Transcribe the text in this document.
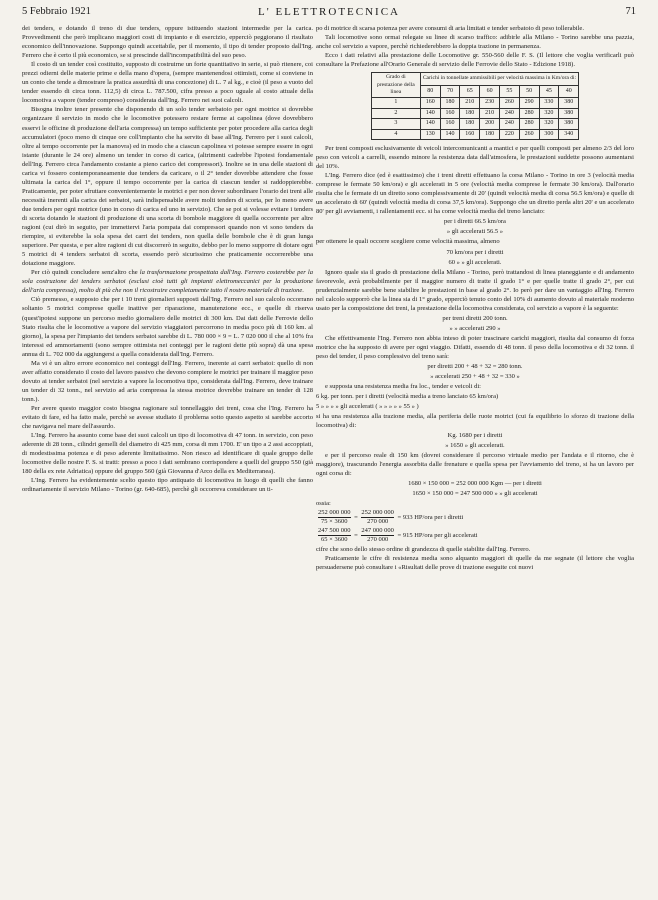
5 Febbraio 1921	L' ELETTROTECNICA	71

dei tenders, e dotando il treno di due tenders, oppure istituendo stazioni intermedie per la carica. Provvedimenti che però implicano maggiori costi di impianto e di esercizio, epperciò peggiorano il risultato economico dell'innovazione. Suppongo quindi accettabile, per il momento, il tipo di tender proposto dall'Ing. Ferrero che è certo il più economico, se si prescinde dall'incompatibilità del suo peso.

Il costo di un tender così costituito, supposto di costruirne un forte quantitativo in serie, si può ritenere, coi prezzi odierni delle materie prime e della mano d'opera, (sempre mantenendosi ottimisti, come si conviene in un conto che tende a dimostrare la pratica assurdità di una concezione) di L. 7 al kg., e cioè (il peso a vuoto del tender essendo di circa tonn. 112,5) di circa L. 787.500, cifra presso a poco uguale al costo attuale della locomotiva a vapore (tender compreso) considerata dall'Ing. Ferrero nei suoi calcoli.

Bisogna inoltre tener presente che disponendo di un solo tender serbatoio per ogni motrice si dovrebbe organizzare il servizio in modo che le locomotive potessero restare ferme ai capolinea (dove dovrebbero esservi le officine di produzione dell'aria compressa) un tempo sufficiente per poter procedere alla carica degli accumulatori (poco meno di cinque ore coll'impianto che ha servito di base all'Ing. Ferrero per i suoi calcoli, oltre al tempo occorrente per la manovra) ed in modo che a ciascun capolinea vi potesse sempre essere in ogni istante (durante le 24 ore) almeno un tender in corso di carica, (altrimenti cadrebbe l'ipotesi fondamentale dell'Ing. Ferrero circa l'andamento costante a pieno carico dei compressori). Inoltre se in una delle stazioni di carica vi fossero contemporaneamente due tenders da caricare, o il 2° tender dovrebbe attendere che fosse ultimata la carica del 1°, oppure il tempo occorrente per la carica di ciascun tender si raddoppierebbe. Praticamente, per poter sfruttare convenientemente le motrici e per non dover subordinare l'orario dei treni alle necessità inerenti alla carica dei serbatoi, sarà indispensabile avere molti tenders di scorta, per lo meno avere due tenders per ogni motrice (uno in corso di carica ed uno in servizio). Che se poi si volesse evitare i tenders di scorta dotando le stazioni di produzione di una scorta di bombole maggiore di quella occorrente per altre ragioni (cui dirò in seguito, per immettervi l'aria pompata dai compressori quando non vi sono tenders da riempire, si eviterebbe la sola spesa dei carri dei tenders, non quella delle bombole che è di gran lunga superiore. Per questa, e per altre ragioni di cui discorrerò in seguito, debbo per lo meno supporre di dotare ogni 5 motrici di 4 tenders serbatoi di scorta, essendo però sicurissimo che praticamente occorrerebbe una dotazione maggiore.

Per ciò quindi concludere senz'altro che la trasformazione prospettata dall'Ing. Ferrero costerebbe per la sola costruzione dei tenders serbatoi (esclusi cioè tutti gli impianti elettromeccanici per la produzione dell'aria compressa), molto di più che non il ricostruire completamente tutto il nostro materiale di trazione.

Ciò premesso, e supposto che per i 10 treni giornalieri supposti dall'Ing. Ferrero nel suo calcolo occorrano soltanto 5 motrici comprese quelle inattive per riparazione, manutenzione ecc., e quelle di riserva (quest'ipotesi suppone un percorso medio giornaliero delle motrici di 300 km. Dai dati delle Ferrovie dello Stato risulta che le locomotive a vapore del servizio viaggiatori percorrono in media poco più di 160 km. al giorno), la spesa per l'impianto dei tenders serbatoi sarebbe di L. 780 000 × 9 = L. 7 020 000 il che al 10% fra interessi ed ammortamenti (sono sempre ottimista nei conteggi per le ragioni dette più sopra) dà una spesa annua di L. 702 000 da aggiungersi a quella considerata dall'Ing. Ferrero.

Ma vi è un altro errore economico nei conteggi dell'Ing. Ferrero, inerente ai carri serbatoi: quello di non aver affatto considerato il costo del lavoro passivo che devono compiere le motrici per trainare il maggior peso dovuto ai tender serbatoi (nel servizio a vapore la locomotiva tipo, considerata dall'Ing. Ferrero, deve trainare un tender di 32 tonn., nel servizio ad aria compressa la stessa motrice dovrebbe trainare un tender di 128 tonn.).

Per avere questo maggior costo bisogna ragionare sul tonnellaggio dei treni, cosa che l'Ing. Ferrero ha evitato di fare, ed ha fatto male, perchè se avesse studiato il problema sotto questo aspetto si sarebbe accorto che navigava nel mare dell'assurdo.

L'Ing. Ferrero ha assunto come base dei suoi calcoli un tipo di locomotiva di 47 tonn. in servizio, con peso aderente di 28 tonn., cilindri gemelli del diametro di 425 mm, corsa di mm 1700. E' un tipo a 2 assi accoppiati, di modestissima potenza e di peso aderente limitatissimo. Non riesco ad identificare di quale gruppo delle locomotive delle nostre F. S. si tratti: presso a poco i dati sembrano corrispondere a quelli del gruppo 550 (già 180 della ex rete Adriatica) oppure del gruppo 560 (già Giovanna d'Arco della ex Mediterranea).

L'Ing. Ferrero ha evidentemente scelto questo tipo antiquato di locomotiva in luogo di quelli che fanno ordinariamente il servizio Milano - Torino (gr. 640-685), perchè gli occorreva considerare un ti-

po di motrice di scarsa potenza per avere consumi di aria limitati e tender serbatoio di peso tollerabile.

Tali locomotive sono ormai relegate su linee di scarso traffico: adibirle alla Milano - Torino sarebbe una pazzia, anche col servizio a vapore, perchè richiederebbero la doppia trazione in permanenza.

Ecco i dati relativi alla prestazione delle Locomotive gr. 550-560 delle F. S. (Il lettore che voglia verificarli può consultare la Prefazione all'Orario Generale di servizio delle Ferrovie dello Stato - Edizione 1918).

Grado di prestazione della linea	Carichi in tonnellate ammissibili per velocità massima in Km/ora di:							
	80	70	65	60	55	50	45	40
1	160	180	210	230	260	290	330	380
2	140	160	180	210	240	280	320	380
3	140	160	180	200	240	280	320	380
4	130	140	160	180	220	260	300	340

Per treni composti esclusivamente di veicoli intercomunicanti a mantici e per quelli composti per almeno 2/3 del loro peso con veicoli a carrelli, essendo minore la resistenza data dall'atmosfera, le prestazioni suddette possono aumentarsi del 10%.

L'Ing. Ferrero dice (ed è esattissimo) che i treni diretti effettuano la corsa Milano - Torino in ore 3 (velocità media comprese le fermate 50 km/ora) e gli accelerati in 5 ore (velocità media comprese le fermate 30 km/ora). Dall'orario risulta che le fermate di un diretto sono complessivamente di 20' (quindi velocità media di corsa 56.5 km/ora) e quelle di un accelerato di 60' (quindi velocità media di corsa 37,5 km/ora). Suppongo che un diretto perda altri 20' e un accelerato 80' per gli avviamenti, i rallentamenti ecc. si ha come velocità media del treno lanciato:

per i diretti 66.5 km/ora
» gli accelerati 56.5 »

per ottenere le quali occorre scegliere come velocità massima, almeno

70 km/ora per i diretti
60 » » gli accelerati.

Ignoro quale sia il grado di prestazione della Milano - Torino, però trattandosi di linea pianeggiante e di andamento favorevole, avrà probabilmente per il maggior numero di tratte il grado 1° e per quelle tratte il grado 2°, per cui prudenzialmente sarebbe bene stabilire le prestazioni in base al grado 2°. Io però per dare un vantaggio all'Ing. Ferrero nel calcolo supporrò che la linea sia di 1° grado, epperciò tenuto conto del 10% di aumento dovuto al materiale moderno usato per la composizione dei treni, la prestazione della locomotiva considerata, col servizio a vapore è la seguente:

per treni diretti 200 tonn.
» » accelerati 290 »

Che effettivamente l'Ing. Ferrero non abbia inteso di poter trascinare carichi maggiori, risulta dal consumo di forza motrice che ha supposto di avere per ogni viaggio. Difatti, essendo di 48 tonn. il peso della locomotiva e di 32 tonn. il peso del tender, il peso complessivo del treno sarà:

per diretti 200 + 48 + 32 = 280 tonn.
» accelerati 250 + 48 + 32 = 330 »

e supposta una resistenza media fra loc., tender e veicoli di:

6 kg. per tonn. per i diretti (velocità media a treno lanciato 65 km/ora)
5 » » » » gli accelerati ( » » » » » 55 » )

si ha una resistenza alla trazione media, alla periferia delle ruote motrici (cui fa equilibrio lo sforzo di trazione della locomotiva) di:

Kg. 1680 per i diretti
» 1650 » gli accelerati.

e per il percorso reale di 150 km (dovrei considerare il percorso virtuale medio per l'andata e il ritorno, che è maggiore), trascurando l'energia assorbita dalle frenature e quella spesa per l'avviamento del treno, si ha un lavoro per ogni corsa di:

1680 × 150 000 = 252 000 000 Kgm — per i diretti
1650 × 150 000 = 247 500 000 » » gli accelerati
ossia:
$\frac{252 000 000}{75 \times 3600} = \frac{252 000 000}{270 000} = 933$ HP/ora per i diretti
$\frac{247 500 000}{65 \times 3600} = \frac{247 000 000}{270 000} = 915$ HP/ora per gli accelerati

cifre che sono dello stesso ordine di grandezza di quelle stabilite dall'Ing. Ferrero.

Praticamente le cifre di resistenza media sono alquanto maggiori di quelle da me segnate (il lettore che voglia persuadersene può consultare i «Risultati delle prove di trazione eseguite coi nuovi
